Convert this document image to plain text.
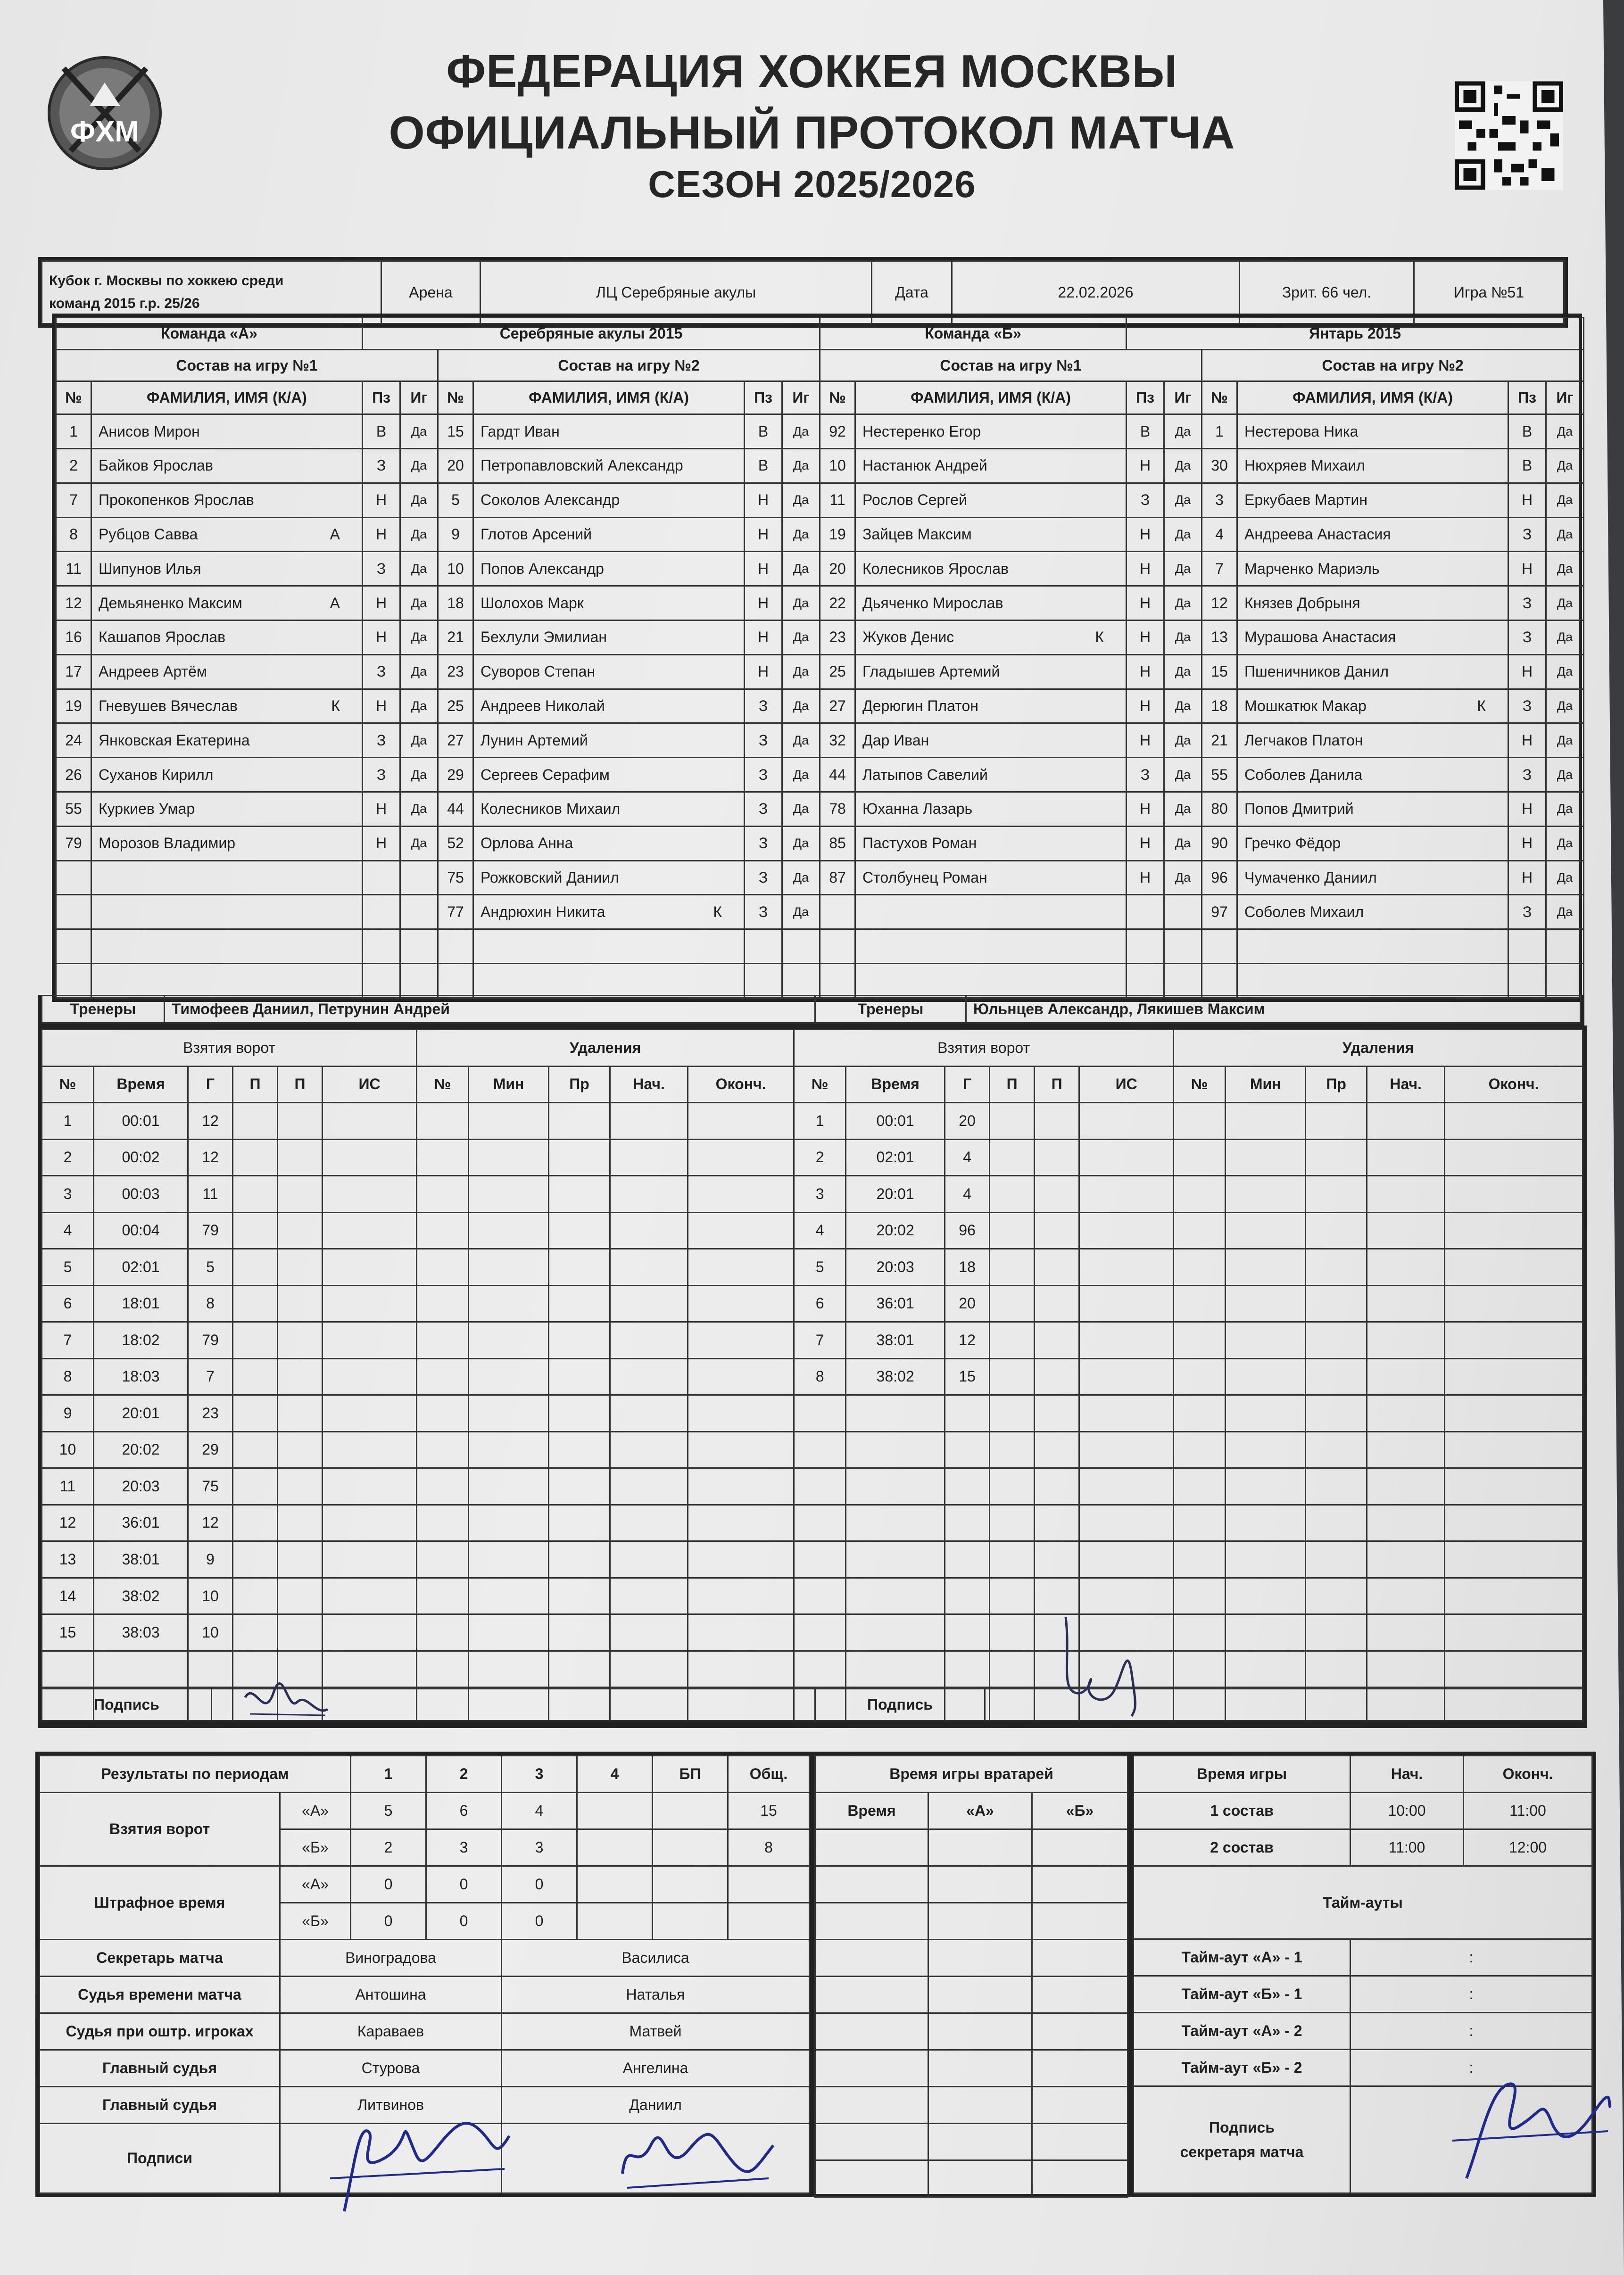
ФХМ
ФЕДЕРАЦИЯ ХОККЕЯ МОСКВЫ
ОФИЦИАЛЬНЫЙ ПРОТОКОЛ МАТЧА
СЕЗОН 2025/2026
Кубок г. Москвы по хоккею среди
команд 2015 г.р. 25/26	Арена	ЛЦ Серебряные акулы	Дата	22.02.2026	Зрит. 66 чел.	Игра №51
Команда «А»		Серебряные акулы 2015						Команда «Б»		Янтарь 2015					
Состав на игру №1				Состав на игру №2				Состав на игру №1				Состав на игру №2			
№	ФАМИЛИЯ, ИМЯ (К/А)	Пз	Иг	№	ФАМИЛИЯ, ИМЯ (К/А)	Пз	Иг	№	ФАМИЛИЯ, ИМЯ (К/А)	Пз	Иг	№	ФАМИЛИЯ, ИМЯ (К/А)	Пз	Иг
1	Анисов Мирон	В	Да	15	Гардт Иван	В	Да	92	Нестеренко Егор	В	Да	1	Нестерова Ника	В	Да
2	Байков Ярослав	З	Да	20	Петропавловский Александр	В	Да	10	Настанюк Андрей	Н	Да	30	Нюхряев Михаил	В	Да
7	Прокопенков Ярослав	Н	Да	5	Соколов Александр	Н	Да	11	Рослов Сергей	З	Да	3	Еркубаев Мартин	Н	Да
8	Рубцов Савва А	Н	Да	9	Глотов Арсений	Н	Да	19	Зайцев Максим	Н	Да	4	Андреева Анастасия	З	Да
11	Шипунов Илья	З	Да	10	Попов Александр	Н	Да	20	Колесников Ярослав	Н	Да	7	Марченко Мариэль	Н	Да
12	Демьяненко Максим А	Н	Да	18	Шолохов Марк	Н	Да	22	Дьяченко Мирослав	Н	Да	12	Князев Добрыня	З	Да
16	Кашапов Ярослав	Н	Да	21	Бехлули Эмилиан	Н	Да	23	Жуков Денис К	Н	Да	13	Мурашова Анастасия	З	Да
17	Андреев Артём	З	Да	23	Суворов Степан	Н	Да	25	Гладышев Артемий	Н	Да	15	Пшеничников Данил	Н	Да
19	Гневушев Вячеслав К	Н	Да	25	Андреев Николай	З	Да	27	Дерюгин Платон	Н	Да	18	Мошкатюк Макар К	З	Да
24	Янковская Екатерина	З	Да	27	Лунин Артемий	З	Да	32	Дар Иван	Н	Да	21	Легчаков Платон	Н	Да
26	Суханов Кирилл	З	Да	29	Сергеев Серафим	З	Да	44	Латыпов Савелий	З	Да	55	Соболев Данила	З	Да
55	Куркиев Умар	Н	Да	44	Колесников Михаил	З	Да	78	Юханна Лазарь	Н	Да	80	Попов Дмитрий	Н	Да
79	Морозов Владимир	Н	Да	52	Орлова Анна	З	Да	85	Пастухов Роман	Н	Да	90	Гречко Фёдор	Н	Да
				75	Рожковский Даниил	З	Да	87	Столбунец Роман	Н	Да	96	Чумаченко Даниил	Н	Да
				77	Андрюхин Никита К	З	Да					97	Соболев Михаил	З	Да

Тренеры	Тимофеев Даниил, Петрунин Андрей	Тренеры	Юльнцев Александр, Лякишев Максим
Взятия ворот						Удаления					Взятия ворот						Удаления				
№	Время	Г	П	П	ИС	№	Мин	Пр	Нач.	Оконч.	№	Время	Г	П	П	ИС	№	Мин	Пр	Нач.	Оконч.
1	00:01	12									1	00:01	20								
2	00:02	12									2	02:01	4								
3	00:03	11									3	20:01	4								
4	00:04	79									4	20:02	96								
5	02:01	5									5	20:03	18								
6	18:01	8									6	36:01	20								
7	18:02	79									7	38:01	12								
8	18:03	7									8	38:02	15								
9	20:01	23																			
10	20:02	29																			
11	20:03	75																			
12	36:01	12																			
13	38:01	9																			
14	38:02	10																			
15	38:03	10																			

Подпись		Подпись	
Результаты по периодам		1	2	3	4	БП	Общ.
Взятия ворот	«А»	5	6	4			15
	«Б»	2	3	3			8
Штрафное время	«А»	0	0	0			
	«Б»	0	0	0			
Секретарь матча	Виноградова			Василиса			
Судья времени матча	Антошина			Наталья			
Судья при оштр. игроках	Караваев			Матвей			
Главный судья	Стурова			Ангелина			
Главный судья	Литвинов			Даниил			
Подписи							
Время игры вратарей		
Время	«А»	«Б»

Время игры	Нач.	Оконч.
1 состав	10:00	11:00
2 состав	11:00	12:00
Тайм-ауты		
Тайм-аут «А» - 1	:	
Тайм-аут «Б» - 1	:	
Тайм-аут «А» - 2	:	
Тайм-аут «Б» - 2	:	

Подпись
секретаря матча		
